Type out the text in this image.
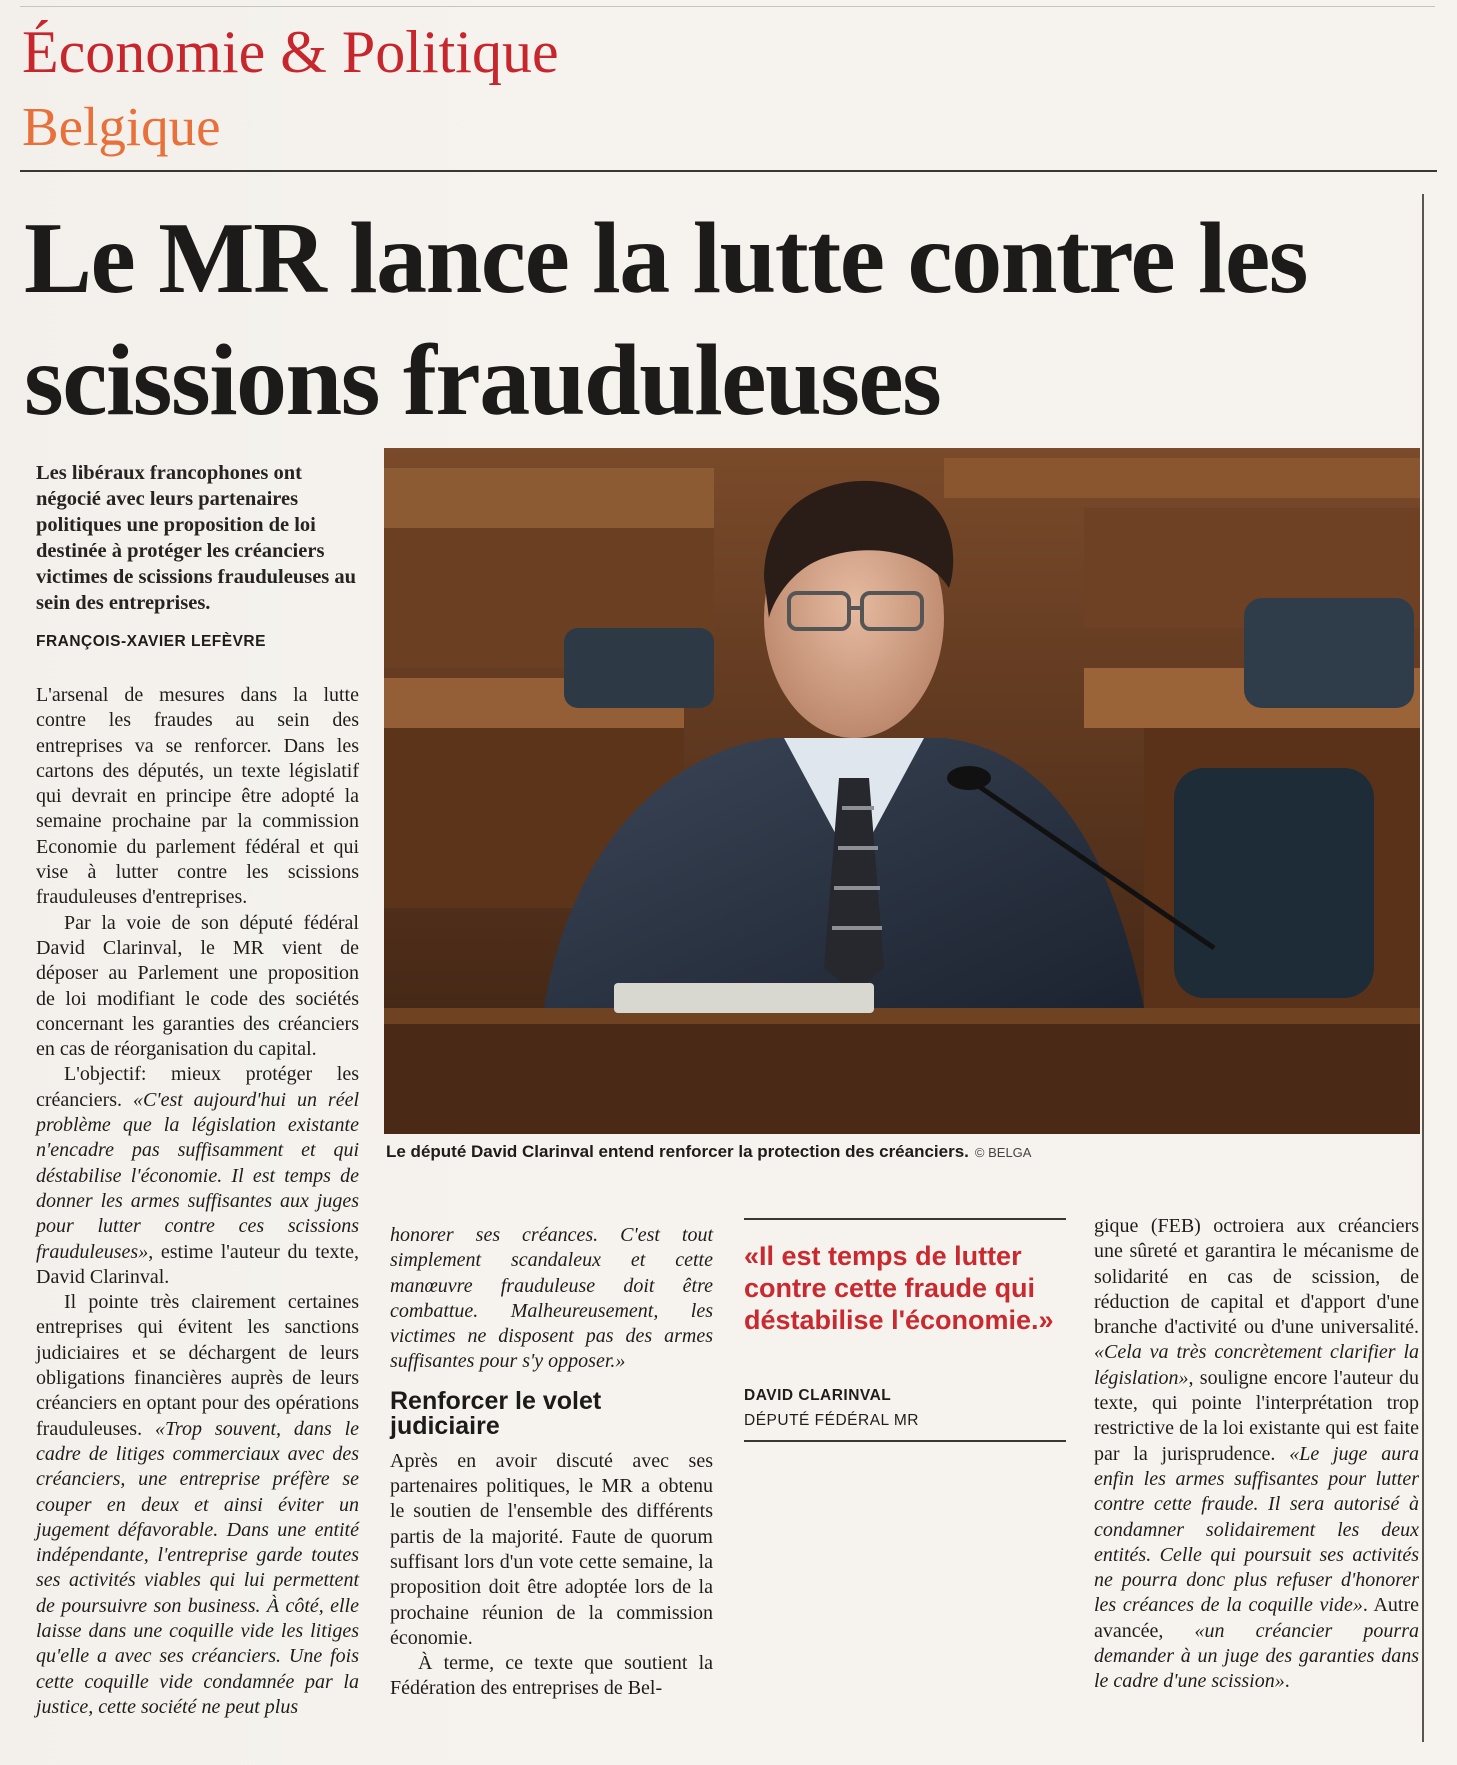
Économie & Politique
Belgique
Le MR lance la lutte contre les scissions frauduleuses

Les libéraux francophones ont négocié avec leurs partenaires politiques une proposition de loi destinée à protéger les créanciers victimes de scissions frauduleuses au sein des entreprises.

FRANÇOIS-XAVIER LEFÈVRE

L'arsenal de mesures dans la lutte contre les fraudes au sein des entreprises va se renforcer. Dans les cartons des députés, un texte législatif qui devrait en principe être adopté la semaine prochaine par la commission Economie du parlement fédéral et qui vise à lutter contre les scissions frauduleuses d'entreprises.

Par la voie de son député fédéral David Clarinval, le MR vient de déposer au Parlement une proposition de loi modifiant le code des sociétés concernant les garanties des créanciers en cas de réorganisation du capital.

L'objectif: mieux protéger les créanciers. «C'est aujourd'hui un réel problème que la législation existante n'encadre pas suffisamment et qui déstabilise l'économie. Il est temps de donner les armes suffisantes aux juges pour lutter contre ces scissions frauduleuses», estime l'auteur du texte, David Clarinval.

Il pointe très clairement certaines entreprises qui évitent les sanctions judiciaires et se déchargent de leurs obligations financières auprès de leurs créanciers en optant pour des opérations frauduleuses. «Trop souvent, dans le cadre de litiges commerciaux avec des créanciers, une entreprise préfère se couper en deux et ainsi éviter un jugement défavorable. Dans une entité indépendante, l'entreprise garde toutes ses activités viables qui lui permettent de poursuivre son business. À côté, elle laisse dans une coquille vide les litiges qu'elle a avec ses créanciers. Une fois cette coquille vide condamnée par la justice, cette société ne peut plus

Le député David Clarinval entend renforcer la protection des créanciers. © BELGA

honorer ses créances. C'est tout simplement scandaleux et cette manœuvre frauduleuse doit être combattue. Malheureusement, les victimes ne disposent pas des armes suffisantes pour s'y opposer.»

Renforcer le volet judiciaire

Après en avoir discuté avec ses partenaires politiques, le MR a obtenu le soutien de l'ensemble des différents partis de la majorité. Faute de quorum suffisant lors d'un vote cette semaine, la proposition doit être adoptée lors de la prochaine réunion de la commission économie.

À terme, ce texte que soutient la Fédération des entreprises de Bel-

«Il est temps de lutter contre cette fraude qui déstabilise l'économie.»

DAVID CLARINVAL

DÉPUTÉ FÉDÉRAL MR

gique (FEB) octroiera aux créanciers une sûreté et garantira le mécanisme de solidarité en cas de scission, de réduction de capital et d'apport d'une branche d'activité ou d'une universalité. «Cela va très concrètement clarifier la législation», souligne encore l'auteur du texte, qui pointe l'interprétation trop restrictive de la loi existante qui est faite par la jurisprudence. «Le juge aura enfin les armes suffisantes pour lutter contre cette fraude. Il sera autorisé à condamner solidairement les deux entités. Celle qui poursuit ses activités ne pourra donc plus refuser d'honorer les créances de la coquille vide». Autre avancée, «un créancier pourra demander à un juge des garanties dans le cadre d'une scission».
